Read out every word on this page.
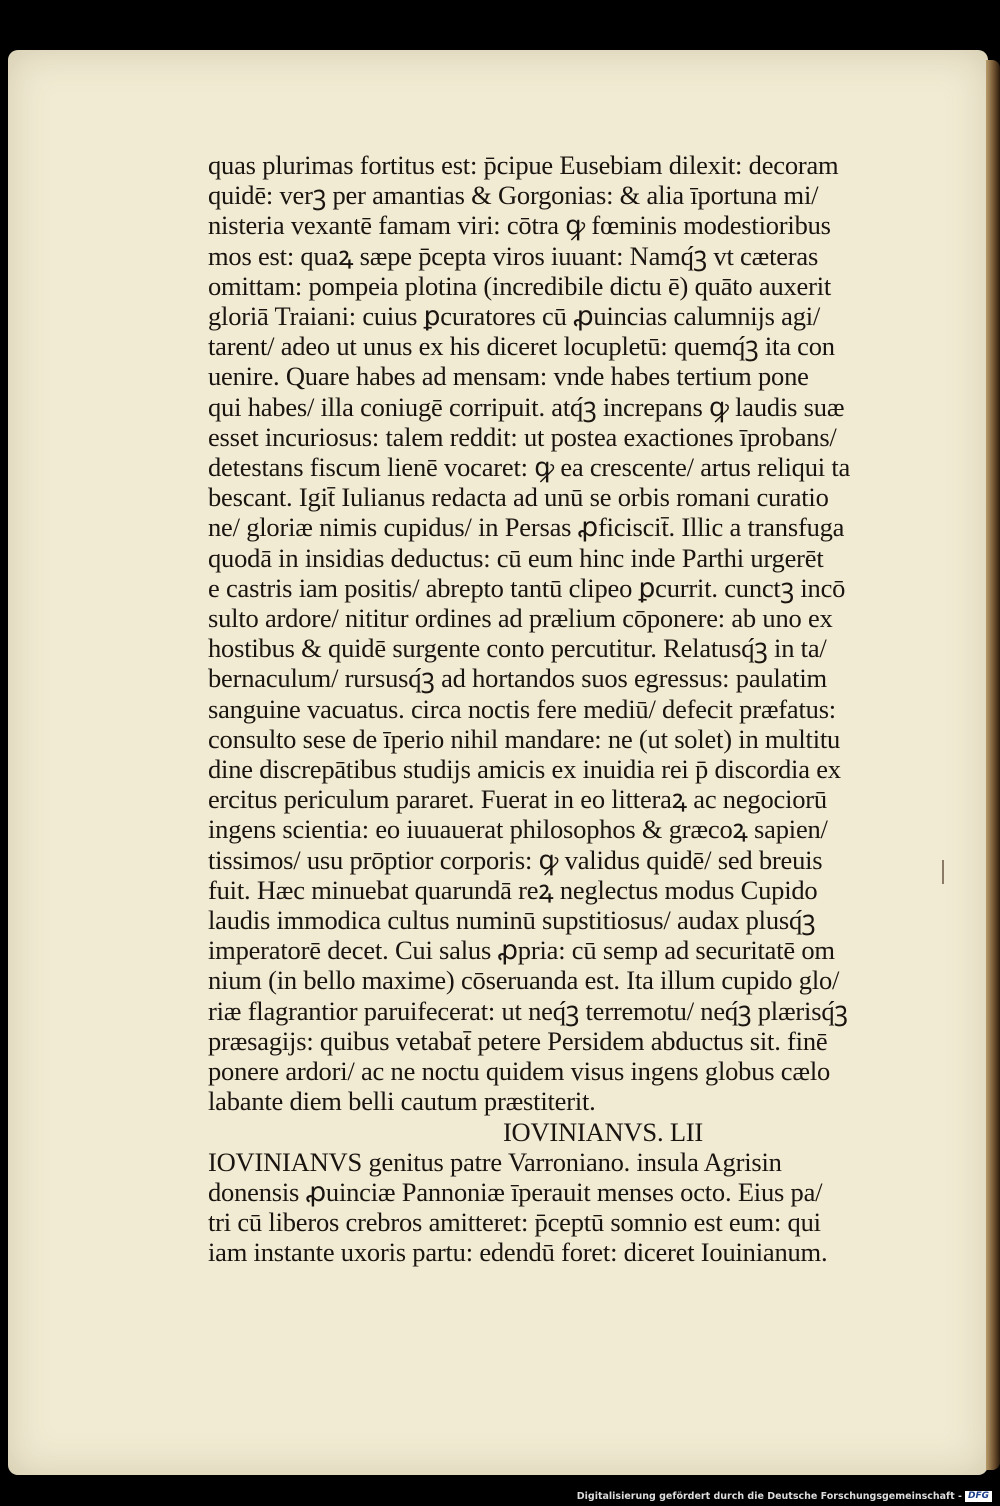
quas plurimas fortitus est: p̄cipue Eusebiam dilexit: decoram
quidē: verꝫ per amantias & Gorgonias: & alia īportuna mi/
nisteria vexantē famam viri: cōtra ꝙ fœminis modestioribus
mos est: quaꝝ sæpe p̄cepta viros iuuant: Namq́ꝫ vt cæteras
omittam: pompeia plotina (incredibile dictu ē) quāto auxerit
gloriā Traiani: cuius ꝑcuratores cū ꝓuincias calumnijs agi/
tarent/ adeo ut unus ex his diceret locupletū: quemq́ꝫ ita con
uenire. Quare habes ad mensam: vnde habes tertium pone
qui habes/ illa coniugē corripuit. atq́ꝫ increpans ꝙ laudis suæ
esset incuriosus: talem reddit: ut postea exactiones īprobans/
detestans fiscum lienē vocaret: ꝙ ea crescente/ artus reliqui ta
bescant. Igit̄ Iulianus redacta ad unū se orbis romani curatio
ne/ gloriæ nimis cupidus/ in Persas ꝓficiscit̄. Illic a transfuga
quodā in insidias deductus: cū eum hinc inde Parthi urgerēt
e castris iam positis/ abrepto tantū clipeo ꝑcurrit. cunctꝫ incō
sulto ardore/ nititur ordines ad prælium cōponere: ab uno ex
hostibus & quidē surgente conto percutitur. Relatusq́ꝫ in ta/
bernaculum/ rursusq́ꝫ ad hortandos suos egressus: paulatim
sanguine vacuatus. circa noctis fere mediū/ defecit præfatus:
consulto sese de īperio nihil mandare: ne (ut solet) in multitu
dine discrepātibus studijs amicis ex inuidia rei p̄ discordia ex
ercitus periculum pararet. Fuerat in eo litteraꝝ ac negociorū
ingens scientia: eo iuuauerat philosophos & græcoꝝ sapien/
tissimos/ usu prōptior corporis: ꝙ validus quidē/ sed breuis
fuit. Hæc minuebat quarundā reꝝ neglectus modus Cupido
laudis immodica cultus numinū supstitiosus/ audax plusq́ꝫ
imperatorē decet. Cui salus ꝓpria: cū semp ad securitatē om
nium (in bello maxime) cōseruanda est. Ita illum cupido glo/
riæ flagrantior paruifecerat: ut neq́ꝫ terremotu/ neq́ꝫ plærisq́ꝫ
præsagijs: quibus vetabat̄ petere Persidem abductus sit. finē
ponere ardori/ ac ne noctu quidem visus ingens globus cælo
labante diem belli cautum præstiterit.
IOVINIANVS. LII
IOVINIANVS genitus patre Varroniano. insula Agrisin
donensis ꝓuinciæ Pannoniæ īperauit menses octo. Eius pa/
tri cū liberos crebros amitteret: p̄ceptū somnio est eum: qui
iam instante uxoris partu: edendū foret: diceret Iouinianum.
Digitalisierung gefördert durch die Deutsche Forschungsgemeinschaft - DFG
